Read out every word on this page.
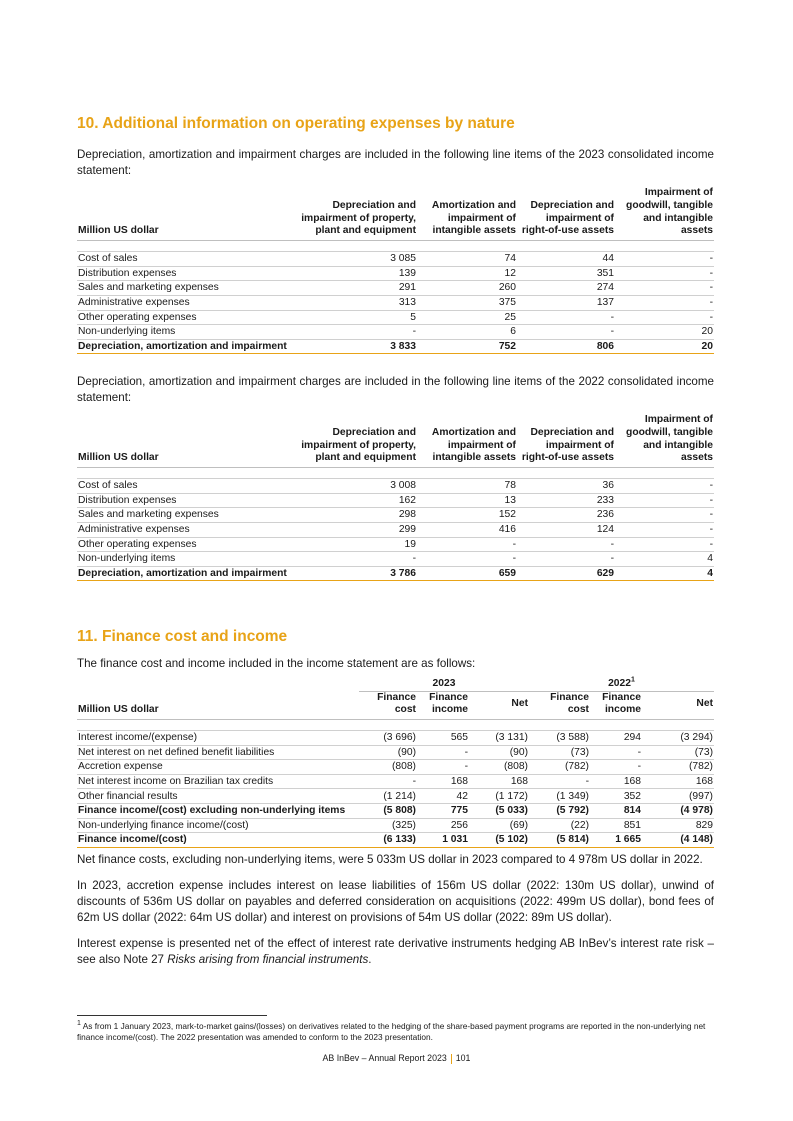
10. Additional information on operating expenses by nature

Depreciation, amortization and impairment charges are included in the following line items of the 2023 consolidated income statement:

Million US dollar	Depreciation and impairment of property, plant and equipment	Amortization and impairment of intangible assets	Depreciation and impairment of right-of-use assets	Impairment of goodwill, tangible and intangible assets

Cost of sales	3 085	74	44	-
Distribution expenses	139	12	351	-
Sales and marketing expenses	291	260	274	-
Administrative expenses	313	375	137	-
Other operating expenses	5	25	-	-
Non-underlying items	-	6	-	20
Depreciation, amortization and impairment	3 833	752	806	20

Depreciation, amortization and impairment charges are included in the following line items of the 2022 consolidated income statement:

Million US dollar	Depreciation and impairment of property, plant and equipment	Amortization and impairment of intangible assets	Depreciation and impairment of right-of-use assets	Impairment of goodwill, tangible and intangible assets

Cost of sales	3 008	78	36	-
Distribution expenses	162	13	233	-
Sales and marketing expenses	298	152	236	-
Administrative expenses	299	416	124	-
Other operating expenses	19	-	-	-
Non-underlying items	-	-	-	4
Depreciation, amortization and impairment	3 786	659	629	4
11. Finance cost and income

The finance cost and income included in the income statement are as follows:

	2023			2022$^1$
Million US dollar	Finance cost	Finance income	Net	Finance cost	Finance income	Net

Interest income/(expense)	(3 696)	565	(3 131)	(3 588)	294	(3 294)
Net interest on net defined benefit liabilities	(90)	-	(90)	(73)	-	(73)
Accretion expense	(808)	-	(808)	(782)	-	(782)
Net interest income on Brazilian tax credits	-	168	168	-	168	168
Other financial results	(1 214)	42	(1 172)	(1 349)	352	(997)
Finance income/(cost) excluding non-underlying items	(5 808)	775	(5 033)	(5 792)	814	(4 978)
Non-underlying finance income/(cost)	(325)	256	(69)	(22)	851	829
Finance income/(cost)	(6 133)	1 031	(5 102)	(5 814)	1 665	(4 148)

Net finance costs, excluding non-underlying items, were 5 033m US dollar in 2023 compared to 4 978m US dollar in 2022.

In 2023, accretion expense includes interest on lease liabilities of 156m US dollar (2022: 130m US dollar), unwind of discounts of 536m US dollar on payables and deferred consideration on acquisitions (2022: 499m US dollar), bond fees of 62m US dollar (2022: 64m US dollar) and interest on provisions of 54m US dollar (2022: 89m US dollar).

Interest expense is presented net of the effect of interest rate derivative instruments hedging AB InBev’s interest rate risk – see also Note 27 Risks arising from financial instruments.

$^1$ As from 1 January 2023, mark-to-market gains/(losses) on derivatives related to the hedging of the share-based payment programs are reported in the non-underlying net finance income/(cost). The 2022 presentation was amended to conform to the 2023 presentation.
AB InBev – Annual Report 2023 101
